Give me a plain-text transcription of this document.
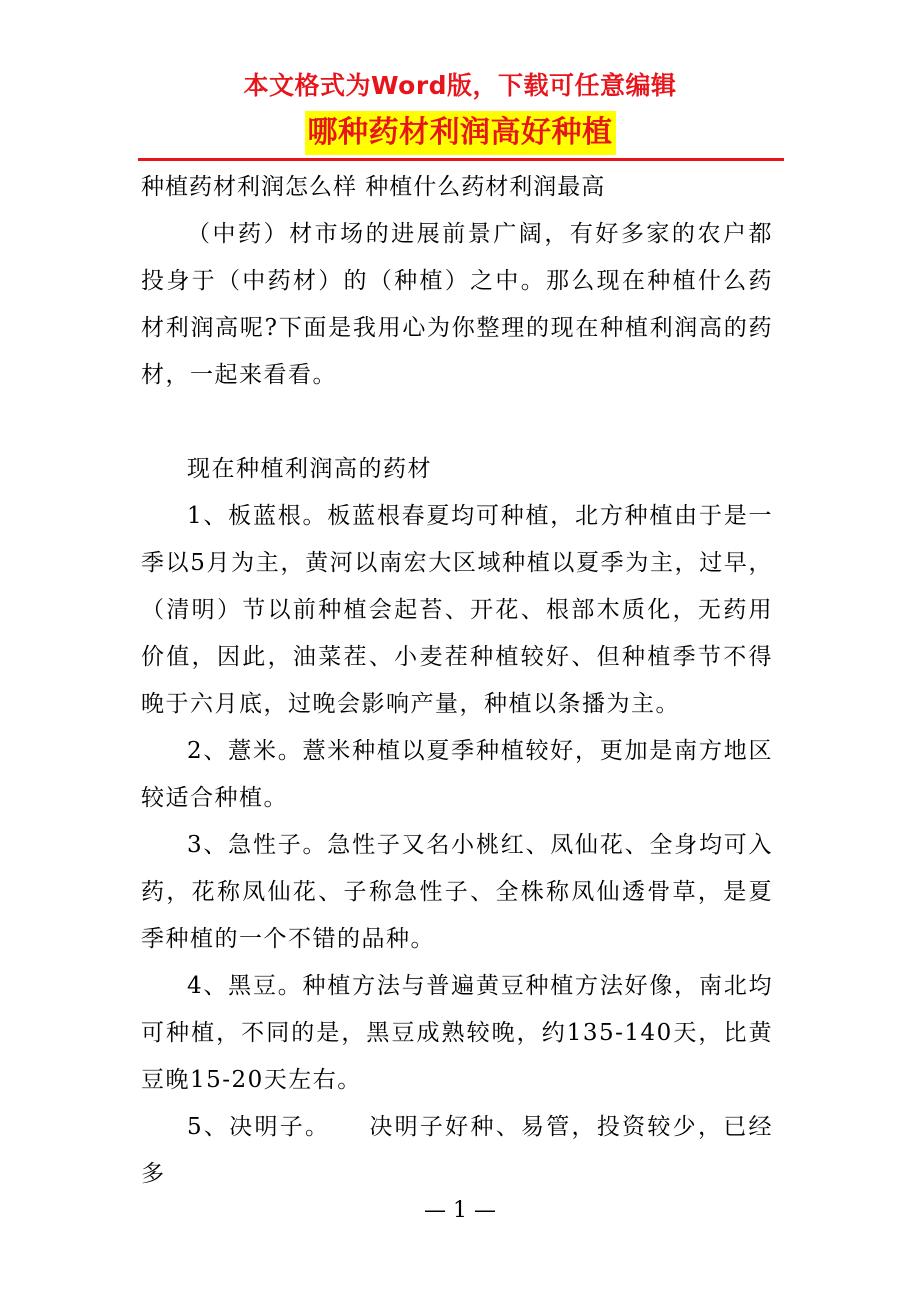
本文格式为Word版，下载可任意编辑
哪种药材利润高好种植

种植药材利润怎么样 种植什么药材利润最高

（中药）材市场的进展前景广阔，有好多家的农户都投身于（中药材）的（种植）之中。那么现在种植什么药材利润高呢?下面是我用心为你整理的现在种植利润高的药材，一起来看看。

现在种植利润高的药材

1、板蓝根。板蓝根春夏均可种植，北方种植由于是一季以5月为主，黄河以南宏大区域种植以夏季为主，过早，（清明）节以前种植会起苔、开花、根部木质化，无药用价值，因此，油菜茬、小麦茬种植较好、但种植季节不得晚于六月底，过晚会影响产量，种植以条播为主。

2、薏米。薏米种植以夏季种植较好，更加是南方地区较适合种植。

3、急性子。急性子又名小桃红、凤仙花、全身均可入药，花称凤仙花、子称急性子、全株称凤仙透骨草，是夏季种植的一个不错的品种。

4、黑豆。种植方法与普遍黄豆种植方法好像，南北均可种植，不同的是，黑豆成熟较晚，约135-140天，比黄豆晚15-20天左右。

5、决明子。　　决明子好种、易管，投资较少，已经多

— 1 —
